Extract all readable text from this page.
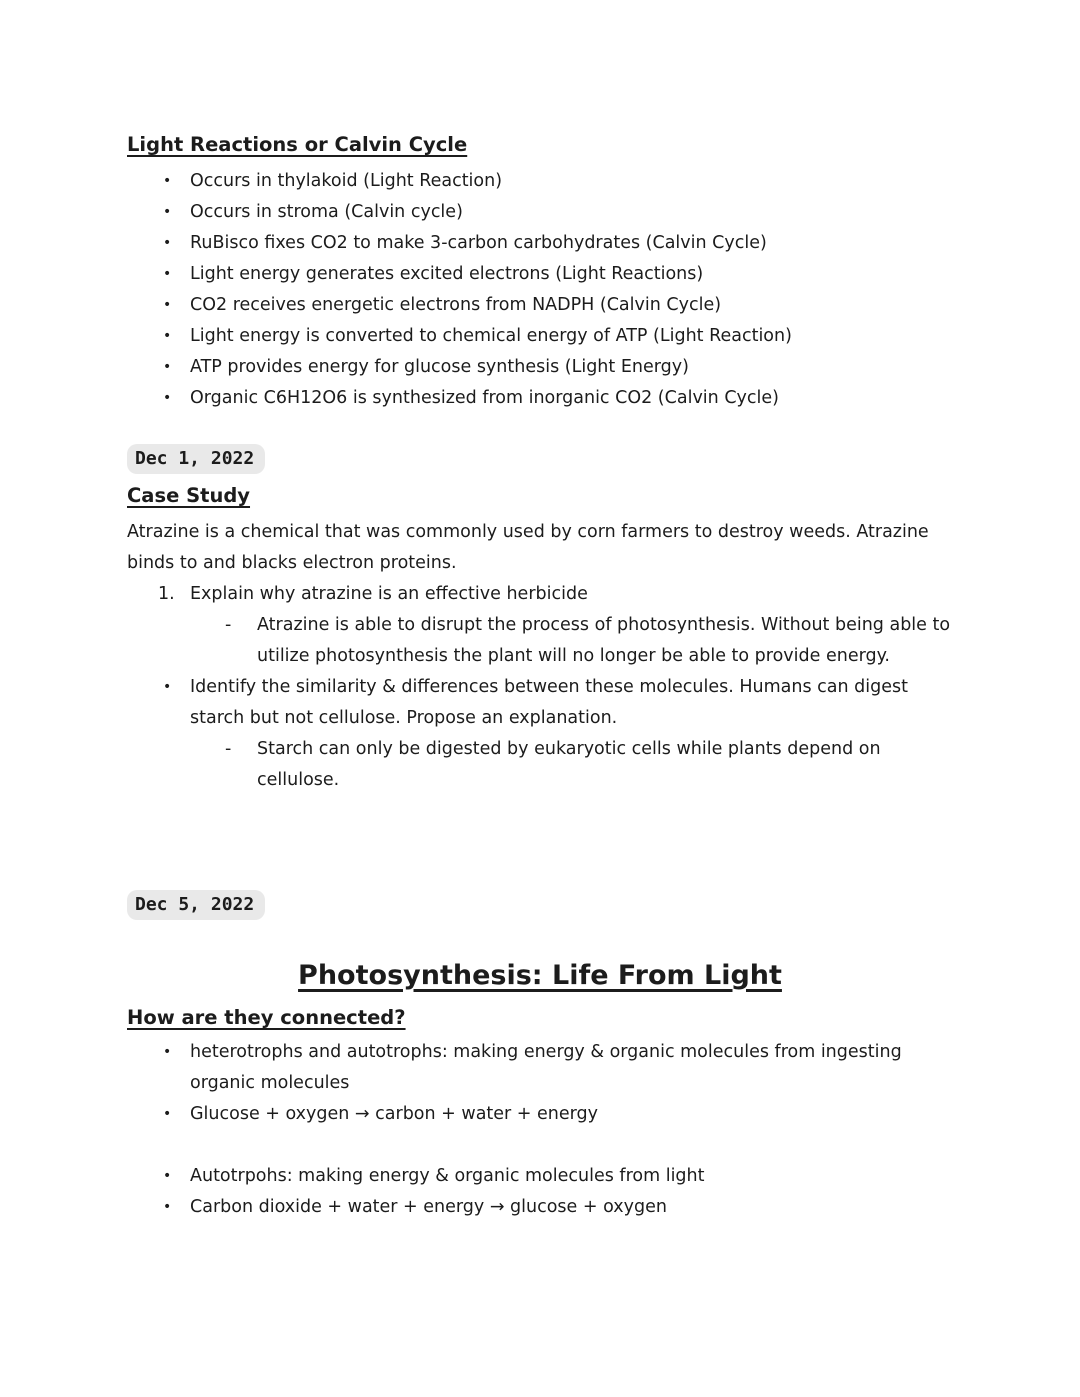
Light Reactions or Calvin Cycle
•	Occurs in thylakoid (Light Reaction)
•	Occurs in stroma (Calvin cycle)
•	RuBisco fixes CO2 to make 3-carbon carbohydrates (Calvin Cycle)
•	Light energy generates excited electrons (Light Reactions)
•	CO2 receives energetic electrons from NADPH (Calvin Cycle)
•	Light energy is converted to chemical energy of ATP (Light Reaction)
•	ATP provides energy for glucose synthesis (Light Energy)
•	Organic C6H12O6 is synthesized from inorganic CO2 (Calvin Cycle)
Dec 1, 2022
Case Study
Atrazine is a chemical that was commonly used by corn farmers to destroy weeds. Atrazine binds to and blacks electron proteins.
1. Explain why atrazine is an effective herbicide
-	Atrazine is able to disrupt the process of photosynthesis. Without being able to utilize photosynthesis the plant will no longer be able to provide energy.
•	Identify the similarity & differences between these molecules. Humans can digest starch but not cellulose. Propose an explanation.
-	Starch can only be digested by eukaryotic cells while plants depend on cellulose.
Dec 5, 2022
Photosynthesis: Life From Light
How are they connected?
•	heterotrophs and autotrophs: making energy & organic molecules from ingesting organic molecules
•	Glucose + oxygen → carbon + water + energy
•	Autotrpohs: making energy & organic molecules from light
•	Carbon dioxide + water + energy → glucose + oxygen
